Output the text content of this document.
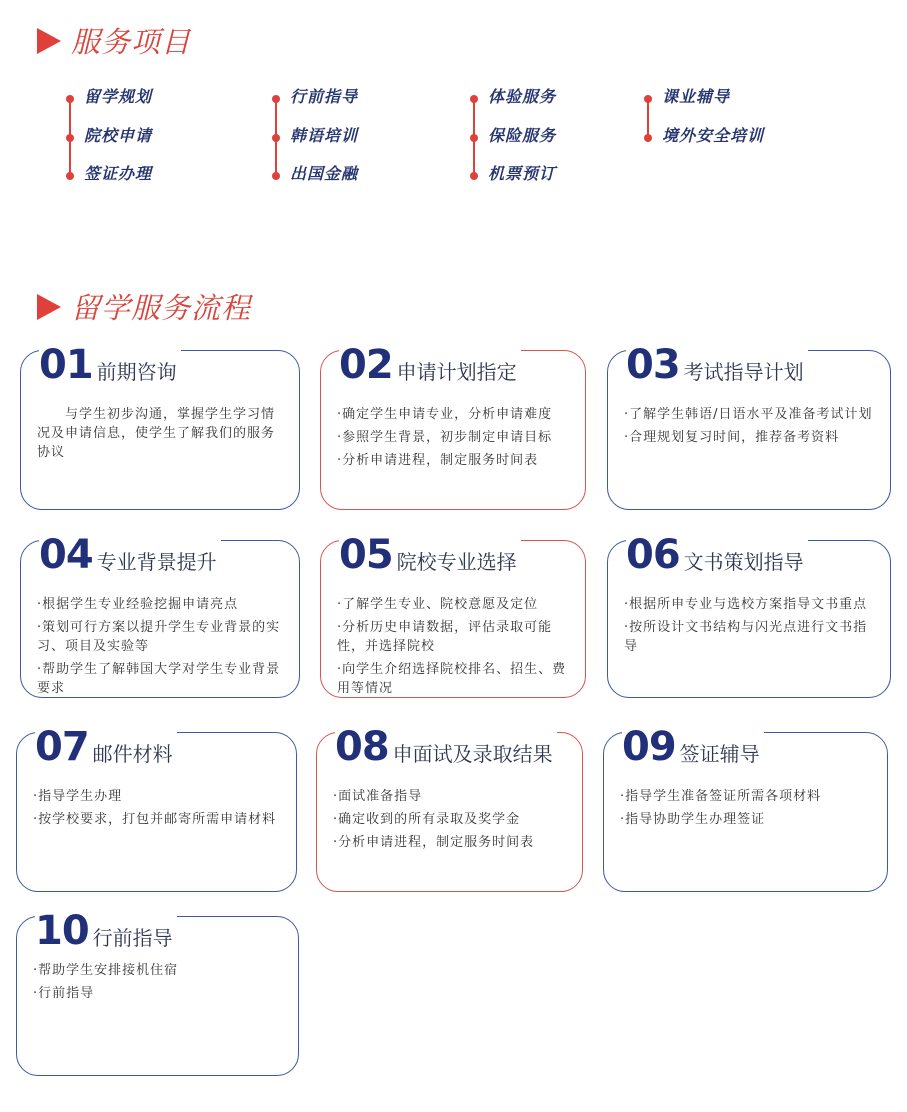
服务项目
留学规划
院校申请
签证办理
行前指导
韩语培训
出国金融
体验服务
保险服务
机票预订
课业辅导
境外安全培训
留学服务流程
01 前期咨询
　　与学生初步沟通，掌握学生学习情况及申请信息，使学生了解我们的服务协议
02 申请计划指定
·确定学生申请专业，分析申请难度
·参照学生背景，初步制定申请目标
·分析申请进程，制定服务时间表
03 考试指导计划
·了解学生韩语/日语水平及准备考试计划
·合理规划复习时间，推荐备考资料
04 专业背景提升
·根据学生专业经验挖掘申请亮点
·策划可行方案以提升学生专业背景的实习、项目及实验等
·帮助学生了解韩国大学对学生专业背景要求
05 院校专业选择
·了解学生专业、院校意愿及定位
·分析历史申请数据，评估录取可能性，并选择院校
·向学生介绍选择院校排名、招生、费用等情况
06 文书策划指导
·根据所申专业与选校方案指导文书重点
·按所设计文书结构与闪光点进行文书指导
07 邮件材料
·指导学生办理
·按学校要求，打包并邮寄所需申请材料
08 申面试及录取结果
·面试准备指导
·确定收到的所有录取及奖学金
·分析申请进程，制定服务时间表
09 签证辅导
·指导学生准备签证所需各项材料
·指导协助学生办理签证
10 行前指导
·帮助学生安排接机住宿
·行前指导
